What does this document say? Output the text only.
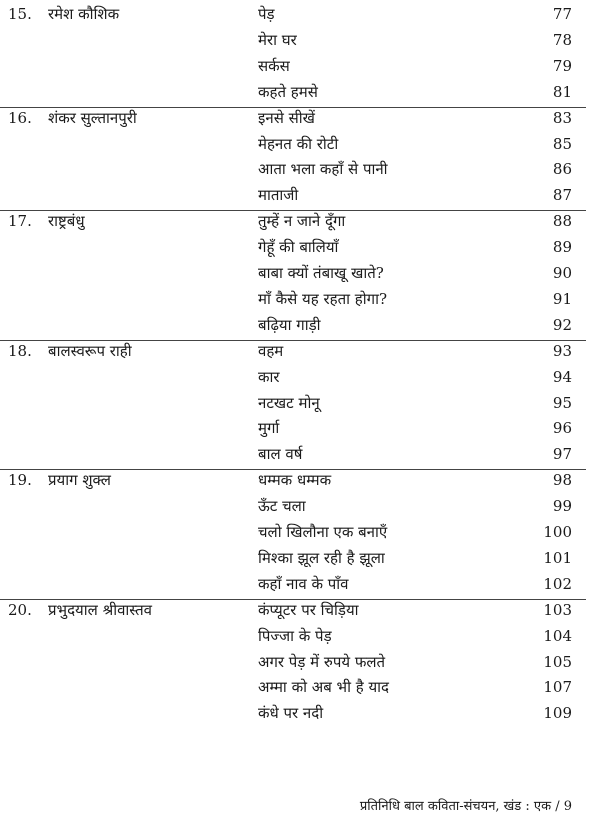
15.	रमेश कौशिक	पेड़	77
मेरा घर	78
सर्कस	79
कहते हमसे	81
16.	शंकर सुल्तानपुरी	इनसे सीखें	83
मेहनत की रोटी	85
आता भला कहाँ से पानी	86
माताजी	87
17.	राष्ट्रबंधु	तुम्हें न जाने दूँगा	88
गेहूँ की बालियाँ	89
बाबा क्यों तंबाखू खाते?	90
माँ कैसे यह रहता होगा?	91
बढ़िया गाड़ी	92
18.	बालस्वरूप राही	वहम	93
कार	94
नटखट मोनू	95
मुर्गा	96
बाल वर्ष	97
19.	प्रयाग शुक्ल	धम्मक धम्मक	98
ऊँट चला	99
चलो खिलौना एक बनाएँ	100
मिश्का झूल रही है झूला	101
कहाँ नाव के पाँव	102
20.	प्रभुदयाल श्रीवास्तव	कंप्यूटर पर चिड़िया	103
पिज्जा के पेड़	104
अगर पेड़ में रुपये फलते	105
अम्मा को अब भी है याद	107
कंधे पर नदी	109
प्रतिनिधि बाल कविता-संचयन, खंड : एक / 9
